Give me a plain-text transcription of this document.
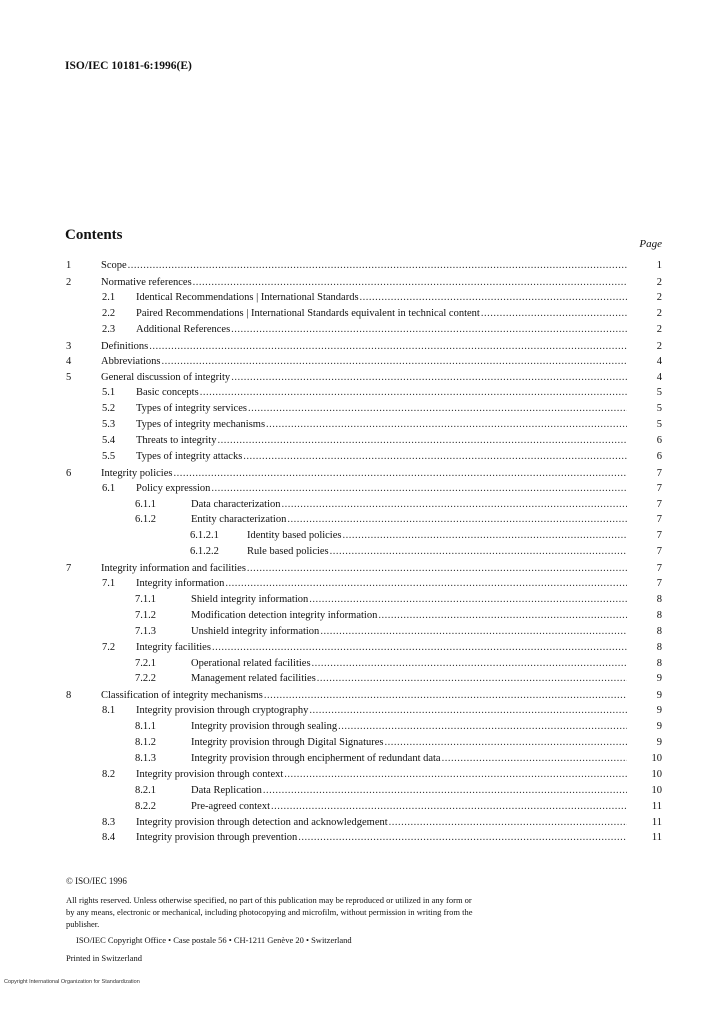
ISO/IEC 10181-6:1996(E)
Contents
Page
1	Scope .....	1
2	Normative references .....	2
2.1 Identical Recommendations | International Standards .....	2
2.2 Paired Recommendations | International Standards equivalent in technical content .....	2
2.3 Additional References .....	2
3	Definitions .....	2
4	Abbreviations .....	4
5	General discussion of integrity .....	4
5.1 Basic concepts .....	5
5.2 Types of integrity services .....	5
5.3 Types of integrity mechanisms .....	5
5.4 Threats to integrity .....	6
5.5 Types of integrity attacks .....	6
6	Integrity policies .....	7
6.1 Policy expression .....	7
6.1.1	Data characterization .....	7
6.1.2	Entity characterization .....	7
6.1.2.1	Identity based policies .....	7
6.1.2.2	Rule based policies .....	7
7	Integrity information and facilities .....	7
7.1 Integrity information .....	7
7.1.1	Shield integrity information .....	8
7.1.2	Modification detection integrity information .....	8
7.1.3	Unshield integrity information .....	8
7.2 Integrity facilities .....	8
7.2.1	Operational related facilities .....	8
7.2.2	Management related facilities .....	9
8	Classification of integrity mechanisms .....	9
8.1 Integrity provision through cryptography .....	9
8.1.1	Integrity provision through sealing .....	9
8.1.2	Integrity provision through Digital Signatures .....	9
8.1.3	Integrity provision through encipherment of redundant data .....	10
8.2 Integrity provision through context .....	10
8.2.1	Data Replication .....	10
8.2.2	Pre-agreed context .....	11
8.3 Integrity provision through detection and acknowledgement .....	11
8.4 Integrity provision through prevention .....	11
© ISO/IEC 1996
All rights reserved. Unless otherwise specified, no part of this publication may be reproduced or utilized in any form or by any means, electronic or mechanical, including photocopying and microfilm, without permission in writing from the publisher.
ISO/IEC Copyright Office • Case postale 56 • CH-1211 Genève 20 • Switzerland
Printed in Switzerland
Copyright International Organization for Standardization
